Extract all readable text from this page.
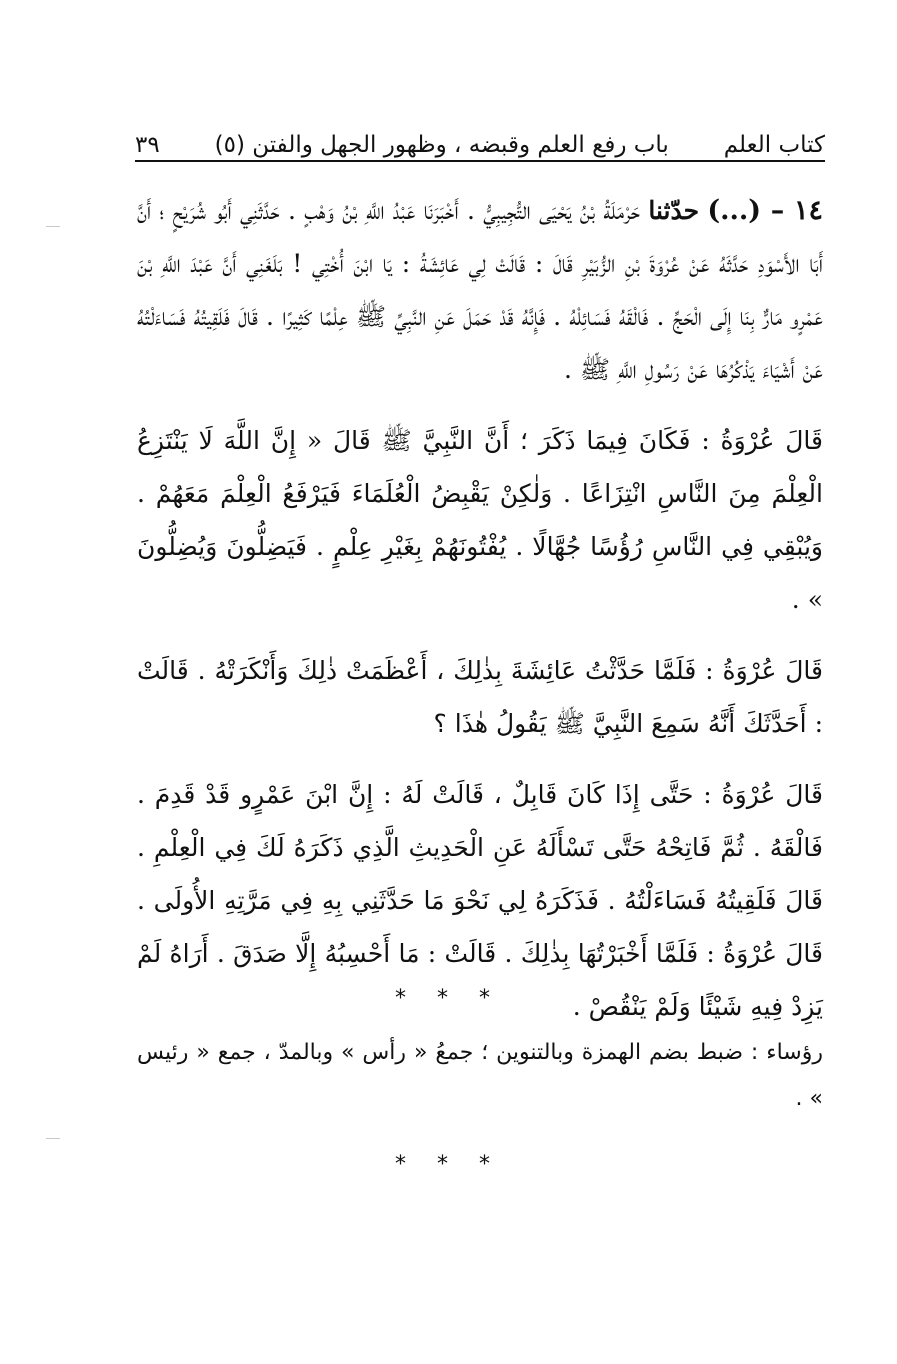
كتاب العلم
(٥) باب رفع العلم وقبضه ، وظهور الجهل والفتن
٣٩

١٤ – (...) حدّثنا حَرْمَلَةُ بْنُ يَحْيَى التُّجِيبِيُّ . أَخْبَرَنَا عَبْدُ اللَّهِ بْنُ وَهْبٍ . حَدَّثَنِي أَبُو شُرَيْحٍ ؛ أَنَّ أَبَا الأَسْوَدِ حَدَّثَهُ عَنْ عُرْوَةَ بْنِ الزُّبَيْرِ قَالَ : قَالَتْ لِي عَائِشَةُ : يَا ابْنَ أُخْتِي ! بَلَغَنِي أَنَّ عَبْدَ اللَّهِ بْنَ عَمْرٍو مَارٌّ بِنَا إِلَى الْحَجِّ . فَالْقَهُ فَسَائِلْهُ . فَإِنَّهُ قَدْ حَمَلَ عَنِ النَّبِيِّ ﷺ عِلْمًا كَثِيرًا . قَالَ فَلَقِيتُهُ فَسَاءَلْتُهُ عَنْ أَشْيَاءَ يَذْكُرُهَا عَنْ رَسُولِ اللَّهِ ﷺ .

قَالَ عُرْوَةُ : فَكَانَ فِيمَا ذَكَرَ ؛ أَنَّ النَّبِيَّ ﷺ قَالَ « إِنَّ اللَّهَ لَا يَنْتَزِعُ الْعِلْمَ مِنَ النَّاسِ انْتِزَاعًا . وَلٰكِنْ يَقْبِضُ الْعُلَمَاءَ فَيَرْفَعُ الْعِلْمَ مَعَهُمْ . وَيُبْقِي فِي النَّاسِ رُؤُسًا جُهَّالًا . يُفْتُونَهُمْ بِغَيْرِ عِلْمٍ . فَيَضِلُّونَ وَيُضِلُّونَ » .

قَالَ عُرْوَةُ : فَلَمَّا حَدَّثْتُ عَائِشَةَ بِذٰلِكَ ، أَعْظَمَتْ ذٰلِكَ وَأَنْكَرَتْهُ . قَالَتْ : أَحَدَّثَكَ أَنَّهُ سَمِعَ النَّبِيَّ ﷺ يَقُولُ هٰذَا ؟

قَالَ عُرْوَةُ : حَتَّى إِذَا كَانَ قَابِلٌ ، قَالَتْ لَهُ : إِنَّ ابْنَ عَمْرٍو قَدْ قَدِمَ . فَالْقَهُ . ثُمَّ فَاتِحْهُ حَتَّى تَسْأَلَهُ عَنِ الْحَدِيثِ الَّذِي ذَكَرَهُ لَكَ فِي الْعِلْمِ . قَالَ فَلَقِيتُهُ فَسَاءَلْتُهُ . فَذَكَرَهُ لِي نَحْوَ مَا حَدَّثَنِي بِهِ فِي مَرَّتِهِ الأُولَى . قَالَ عُرْوَةُ : فَلَمَّا أَخْبَرْتُهَا بِذٰلِكَ . قَالَتْ : مَا أَحْسِبُهُ إِلَّا صَدَقَ . أَرَاهُ لَمْ يَزِدْ فِيهِ شَيْئًا وَلَمْ يَنْقُصْ .

* * *
رؤساء : ضبط بضم الهمزة وبالتنوين ؛ جمعُ « رأس » وبالمدّ ، جمع « رئيس » .
* * *
